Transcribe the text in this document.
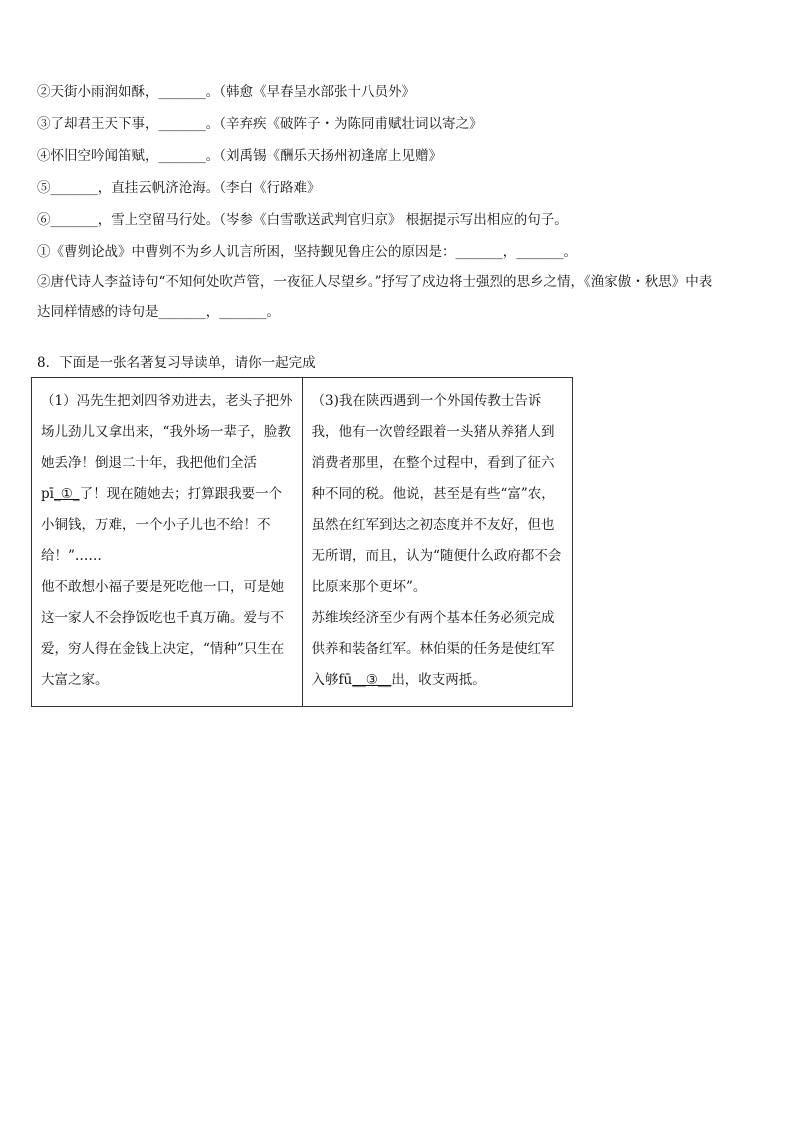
②天街小雨润如酥，_______。（韩愈《早春呈水部张十八员外》
③了却君王天下事，_______。（辛弃疾《破阵子・为陈同甫赋壮词以寄之》
④怀旧空吟闻笛赋，_______。（刘禹锡《酬乐天扬州初逢席上见赠》
⑤_______，直挂云帆济沧海。（李白《行路难》
⑥_______，雪上空留马行处。（岑参《白雪歌送武判官归京》 根据提示写出相应的句子。
①《曹刿论战》中曹刿不为乡人讥言所困，坚持觐见鲁庄公的原因是：_______，_______。
②唐代诗人李益诗句“不知何处吹芦管，一夜征人尽望乡。”抒写了戍边将士强烈的思乡之情，《渔家傲・秋思》中表
达同样情感的诗句是_______，_______。
8．下面是一张名著复习导读单，请你一起完成
（1）冯先生把刘四爷劝进去，老头子把外场儿劲儿又拿出来，“我外场一辈子，脸教她丢净！倒退二十年，我把他们全活pī_①_了！现在随她去；打算跟我要一个小铜钱，万难，一个小子儿也不给！不给！”……
他不敢想小福子要是死吃他一口，可是她这一家人不会挣饭吃也千真万确。爱与不爱，穷人得在金钱上决定，“情种”只生在大富之家。

（3)我在陕西遇到一个外国传教士告诉我，他有一次曾经跟着一头猪从养猪人到消费者那里，在整个过程中，看到了征六种不同的税。他说，甚至是有些“富”农，虽然在红军到达之初态度并不友好，但也无所谓，而且，认为“随便什么政府都不会比原来那个更坏”。
苏维埃经济至少有两个基本任务必须完成供养和装备红军。林伯渠的任务是使红军入够fū__③__出，收支两抵。
